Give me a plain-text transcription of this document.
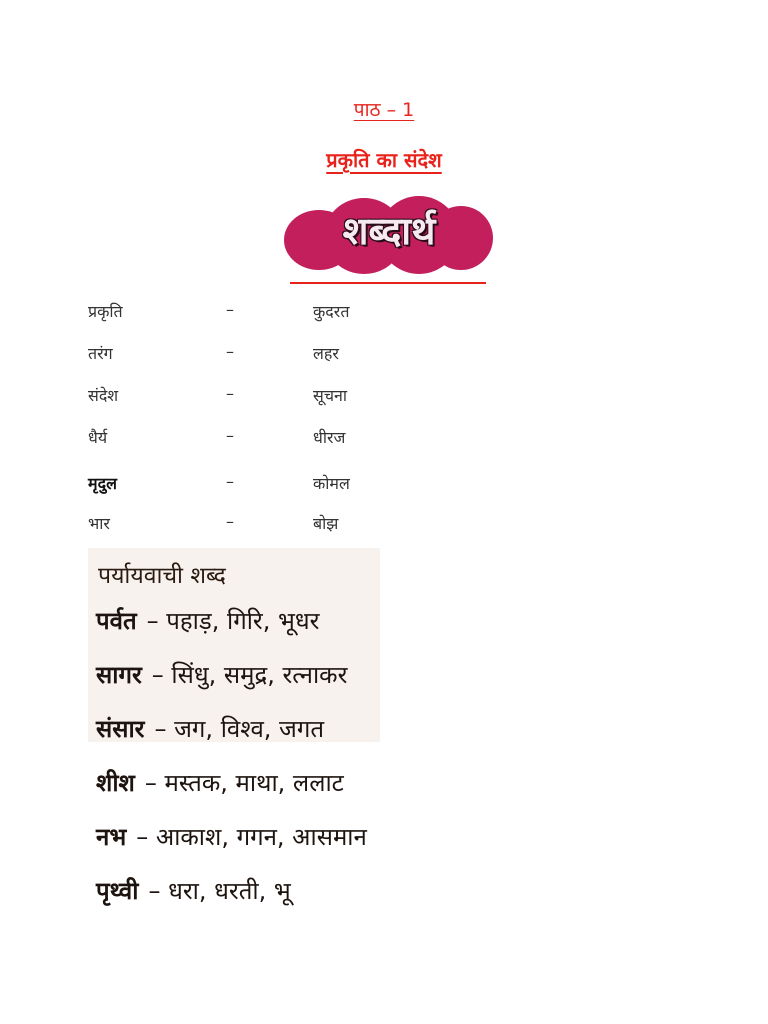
पाठ – 1
प्रकृति का संदेश
शब्दार्थ
प्रकृति	–	कुदरत
तरंग	–	लहर
संदेश	–	सूचना
धैर्य	–	धीरज
मृदुल	–	कोमल
भार	–	बोझ
पर्यायवाची शब्द
पर्वत – पहाड़, गिरि, भूधर
सागर – सिंधु, समुद्र, रत्नाकर
संसार – जग, विश्व, जगत
शीश – मस्तक, माथा, ललाट
नभ – आकाश, गगन, आसमान
पृथ्वी – धरा, धरती, भू
